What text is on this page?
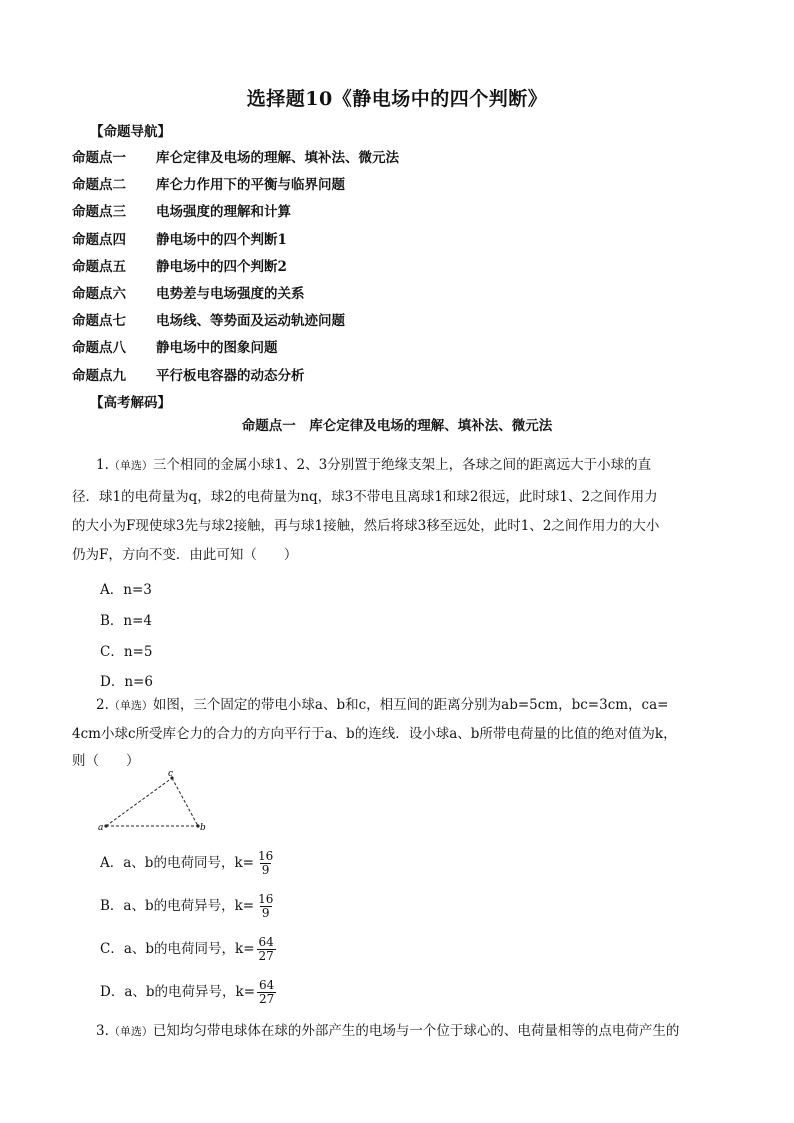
选择题10《静电场中的四个判断》
【命题导航】
命题点一 库仑定律及电场的理解、填补法、微元法
命题点二 库仑力作用下的平衡与临界问题
命题点三 电场强度的理解和计算
命题点四 静电场中的四个判断1
命题点五 静电场中的四个判断2
命题点六 电势差与电场强度的关系
命题点七 电场线、等势面及运动轨迹问题
命题点八 静电场中的图象问题
命题点九 平行板电容器的动态分析
【高考解码】
命题点一　库仑定律及电场的理解、填补法、微元法
1.（单选）三个相同的金属小球1、2、3分别置于绝缘支架上，各球之间的距离远大于小球的直
径．球1的电荷量为q，球2的电荷量为nq，球3不带电且离球1和球2很远，此时球1、2之间作用力
的大小为F现使球3先与球2接触，再与球1接触，然后将球3移至远处，此时1、2之间作用力的大小
仍为F，方向不变．由此可知（　　）
A．n=3
B．n=4
C．n=5
D．n=6
2.（单选）如图，三个固定的带电小球a、b和c，相互间的距离分别为ab=5cm，bc=3cm，ca=
4cm小球c所受库仑力的合力的方向平行于a、b的连线．设小球a、b所带电荷量的比值的绝对值为k，
则（　　）
a	b
c
A．a、b的电荷同号，$k= \frac{16}{9}$
B．a、b的电荷异号，$k= \frac{16}{9}$
C．a、b的电荷同号，$k= \frac{64}{27}$
D．a、b的电荷异号，$k= \frac{64}{27}$
3.（单选）已知均匀带电球体在球的外部产生的电场与一个位于球心的、电荷量相等的点电荷产生的
